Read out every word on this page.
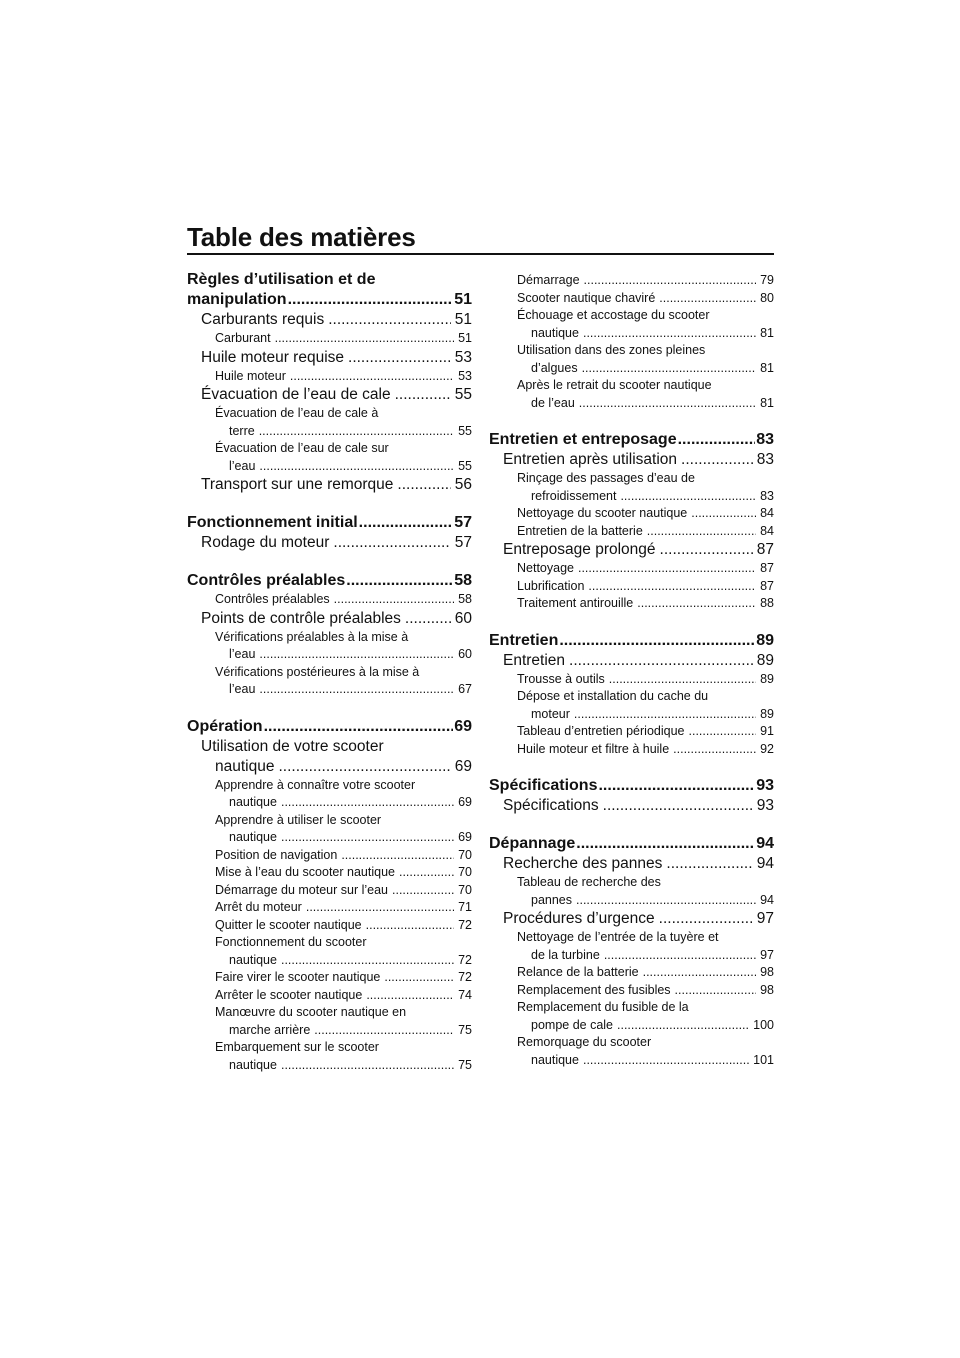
Table des matières
Règles d’utilisation et de
manipulation .....	51
Carburants requis .....	51
Carburant .....	51
Huile moteur requise .....	53
Huile moteur .....	53
Évacuation de l’eau de cale .....	55
Évacuation de l’eau de cale à
terre .....	55
Évacuation de l’eau de cale sur
l’eau .....	55
Transport sur une remorque .....	56
Fonctionnement initial .....	57
Rodage du moteur .....	57
Contrôles préalables .....	58
Contrôles préalables .....	58
Points de contrôle préalables .....	60
Vérifications préalables à la mise à
l’eau .....	60
Vérifications postérieures à la mise à
l’eau .....	67
Opération .....	69
Utilisation de votre scooter
nautique .....	69
Apprendre à connaître votre scooter
nautique .....	69
Apprendre à utiliser le scooter
nautique .....	69
Position de navigation .....	70
Mise à l’eau du scooter nautique .....	70
Démarrage du moteur sur l’eau .....	70
Arrêt du moteur .....	71
Quitter le scooter nautique .....	72
Fonctionnement du scooter
nautique .....	72
Faire virer le scooter nautique .....	72
Arrêter le scooter nautique .....	74
Manœuvre du scooter nautique en
marche arrière .....	75
Embarquement sur le scooter
nautique .....	75
Démarrage .....	79
Scooter nautique chaviré .....	80
Échouage et accostage du scooter
nautique .....	81
Utilisation dans des zones pleines
d’algues .....	81
Après le retrait du scooter nautique
de l’eau .....	81
Entretien et entreposage .....	83
Entretien après utilisation .....	83
Rinçage des passages d’eau de
refroidissement .....	83
Nettoyage du scooter nautique .....	84
Entretien de la batterie .....	84
Entreposage prolongé .....	87
Nettoyage .....	87
Lubrification .....	87
Traitement antirouille .....	88
Entretien .....	89
Entretien .....	89
Trousse à outils .....	89
Dépose et installation du cache du
moteur .....	89
Tableau d’entretien périodique .....	91
Huile moteur et filtre à huile .....	92
Spécifications .....	93
Spécifications .....	93
Dépannage .....	94
Recherche des pannes .....	94
Tableau de recherche des
pannes .....	94
Procédures d’urgence .....	97
Nettoyage de l’entrée de la tuyère et
de la turbine .....	97
Relance de la batterie .....	98
Remplacement des fusibles .....	98
Remplacement du fusible de la
pompe de cale .....	100
Remorquage du scooter
nautique .....	101
